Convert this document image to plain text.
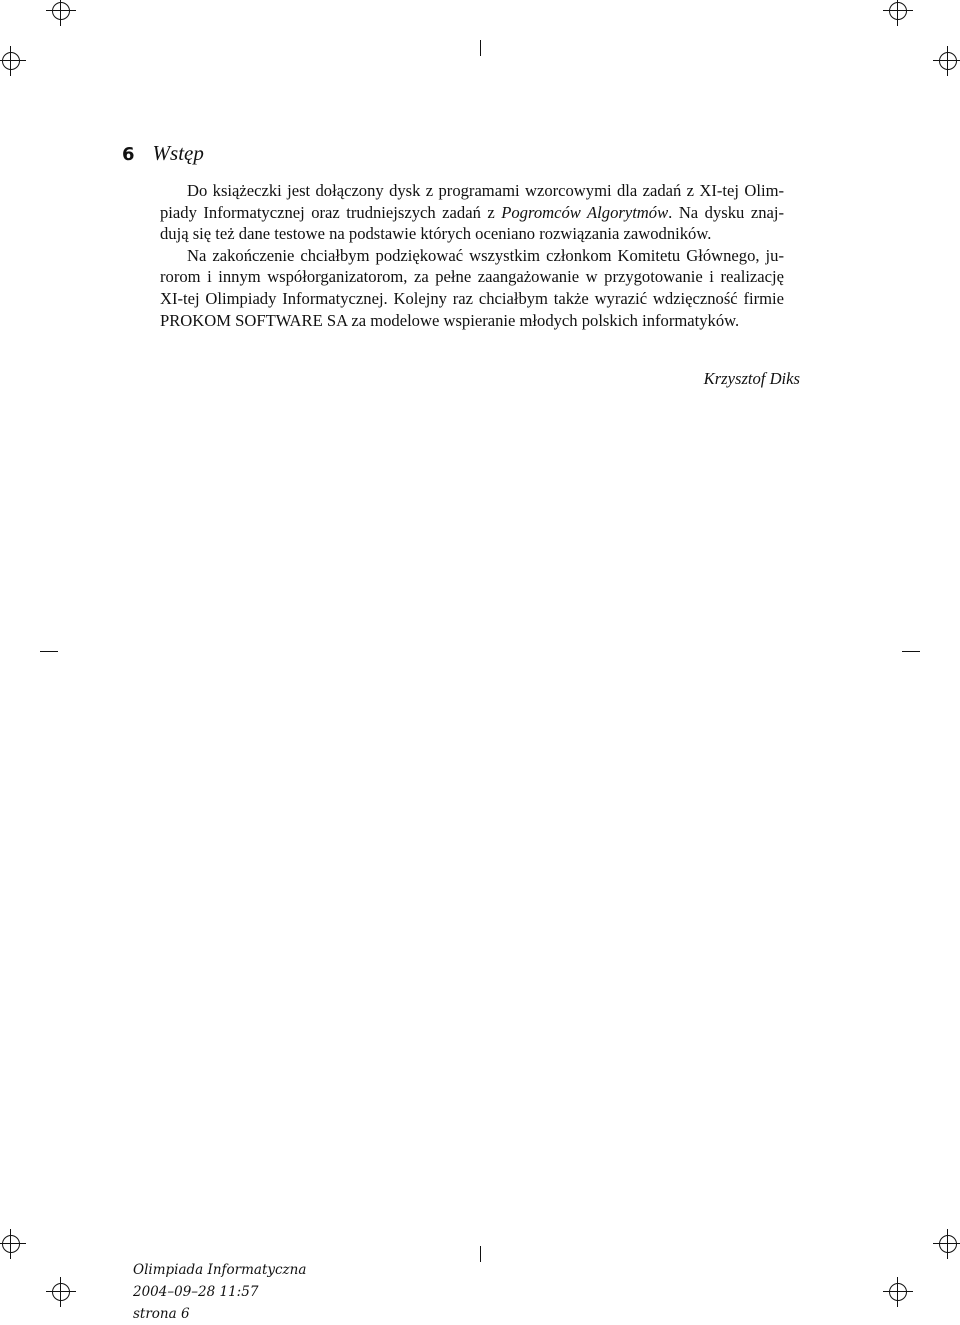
6 Wstęp
Do książeczki jest dołączony dysk z programami wzorcowymi dla zadań z XI-tej Olim-
piady Informatycznej oraz trudniejszych zadań z Pogromców Algorytmów. Na dysku znaj-
dują się też dane testowe na podstawie których oceniano rozwiązania zawodników.
Na zakończenie chciałbym podziękować wszystkim członkom Komitetu Głównego, ju-
rorom i innym współorganizatorom, za pełne zaangażowanie w przygotowanie i realizację
XI-tej Olimpiady Informatycznej. Kolejny raz chciałbym także wyrazić wdzięczność firmie
PROKOM SOFTWARE SA za modelowe wspieranie młodych polskich informatyków.
Krzysztof Diks
Olimpiada Informatyczna
2004–09–28 11:57
strona 6
